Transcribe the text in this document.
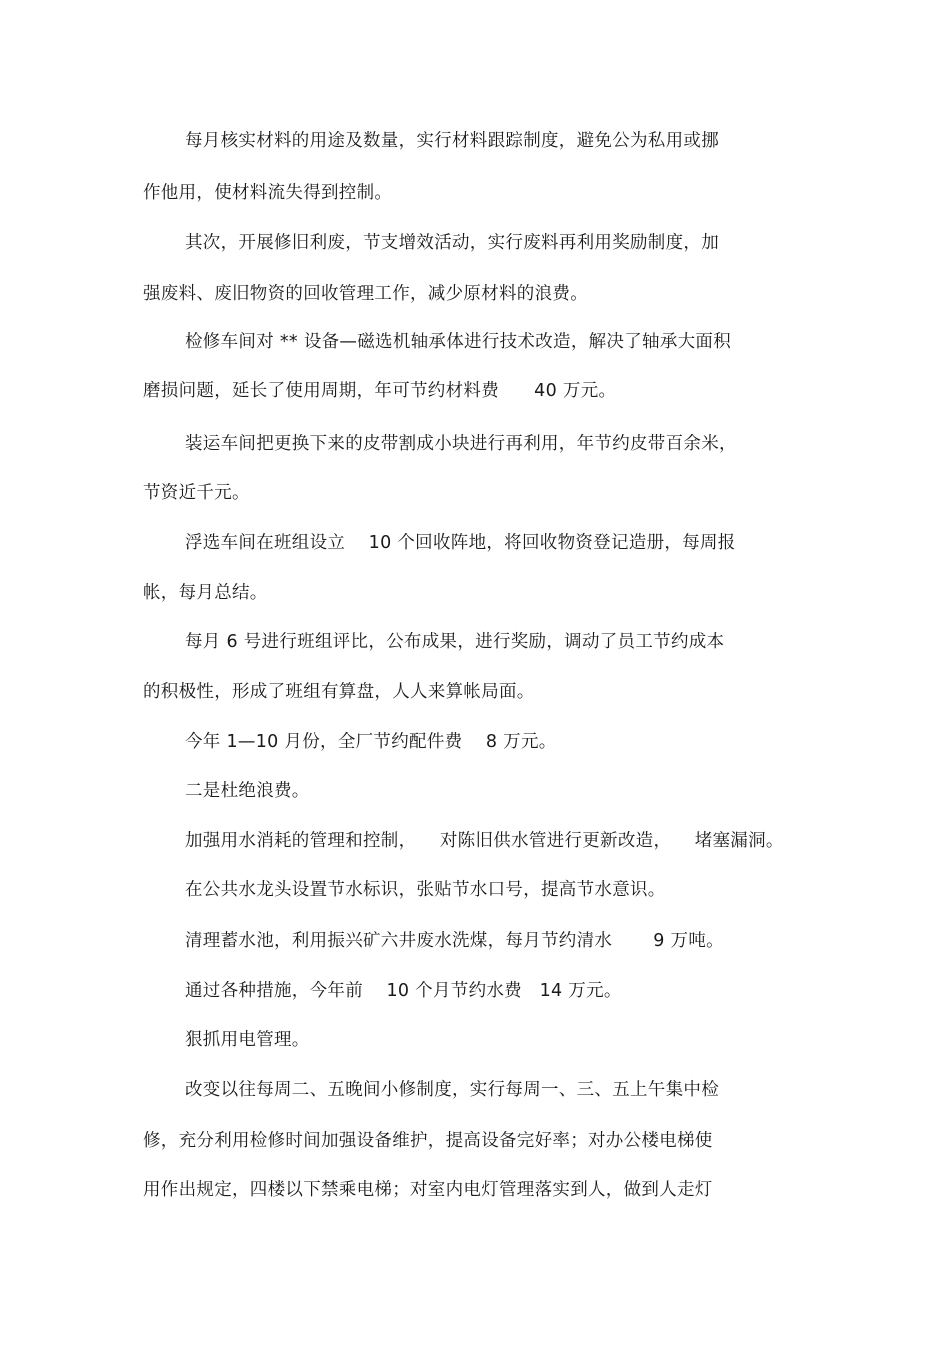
每月核实材料的用途及数量，实行材料跟踪制度，避免公为私用或挪
作他用，使材料流失得到控制。
其次，开展修旧利废，节支增效活动，实行废料再利用奖励制度，加
强废料、废旧物资的回收管理工作，减少原材料的浪费。
检修车间对 ** 设备—磁选机轴承体进行技术改造，解决了轴承大面积
磨损问题，延长了使用周期，年可节约材料费      40 万元。
装运车间把更换下来的皮带割成小块进行再利用，年节约皮带百余米，
节资近千元。
浮选车间在班组设立    10 个回收阵地，将回收物资登记造册，每周报
帐，每月总结。
每月 6 号进行班组评比，公布成果，进行奖励，调动了员工节约成本
的积极性，形成了班组有算盘，人人来算帐局面。
今年 1—10 月份，全厂节约配件费    8 万元。
二是杜绝浪费。
加强用水消耗的管理和控制，    对陈旧供水管进行更新改造，    堵塞漏洞。
在公共水龙头设置节水标识，张贴节水口号，提高节水意识。
清理蓄水池，利用振兴矿六井废水洗煤，每月节约清水       9 万吨。
通过各种措施，今年前    10 个月节约水费   14 万元。
狠抓用电管理。
改变以往每周二、五晚间小修制度，实行每周一、三、五上午集中检
修，充分利用检修时间加强设备维护，提高设备完好率；对办公楼电梯使
用作出规定，四楼以下禁乘电梯；对室内电灯管理落实到人，做到人走灯
